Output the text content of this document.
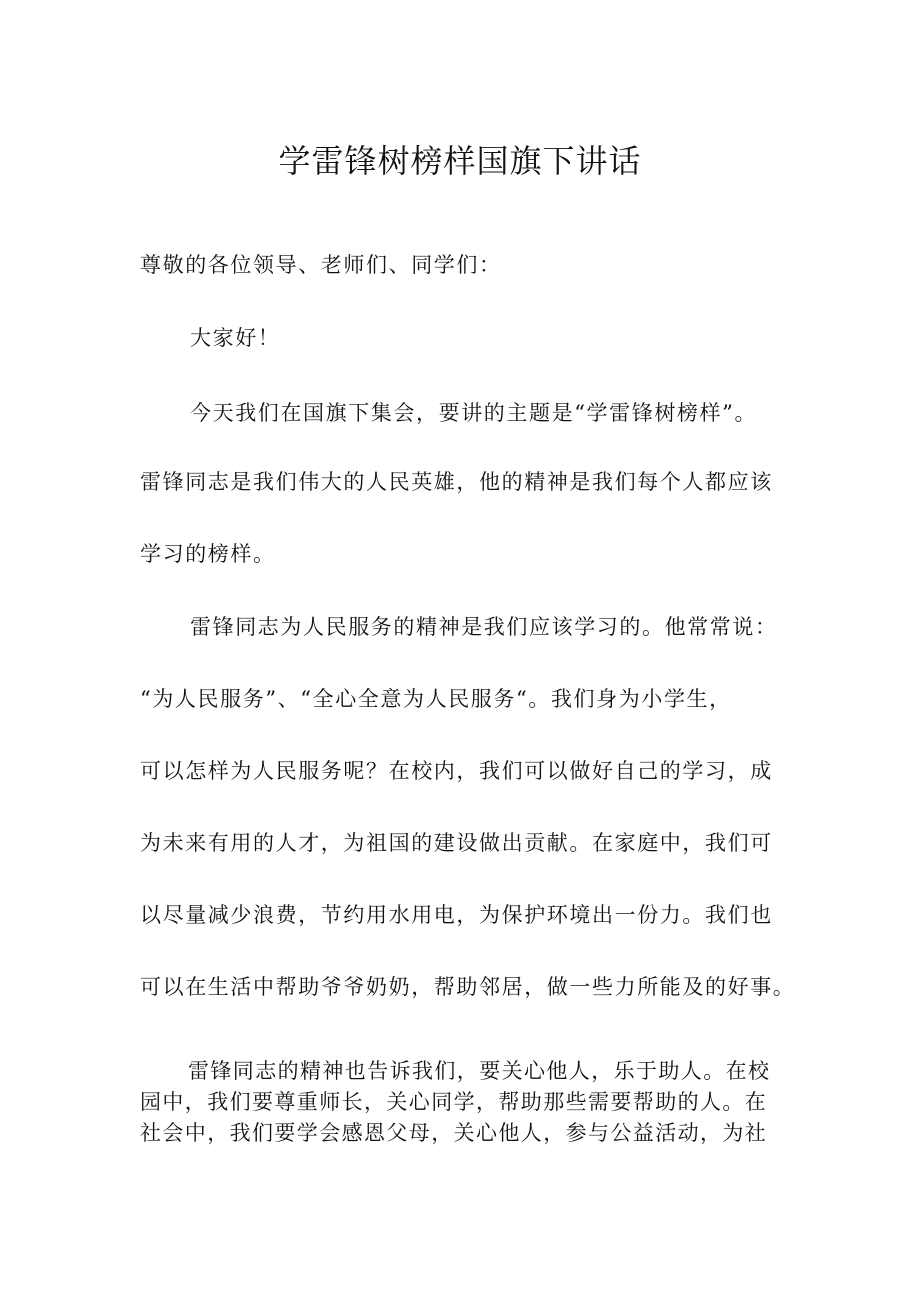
学雷锋树榜样国旗下讲话

尊敬的各位领导、老师们、同学们：

大家好！

今天我们在国旗下集会，要讲的主题是“学雷锋树榜样”。

雷锋同志是我们伟大的人民英雄，他的精神是我们每个人都应该

学习的榜样。

雷锋同志为人民服务的精神是我们应该学习的。他常常说：

“为人民服务”、“全心全意为人民服务“。我们身为小学生，

可以怎样为人民服务呢？在校内，我们可以做好自己的学习，成

为未来有用的人才，为祖国的建设做出贡献。在家庭中，我们可

以尽量减少浪费，节约用水用电，为保护环境出一份力。我们也

可以在生活中帮助爷爷奶奶，帮助邻居，做一些力所能及的好事。

雷锋同志的精神也告诉我们，要关心他人，乐于助人。在校
园中，我们要尊重师长，关心同学，帮助那些需要帮助的人。在
社会中，我们要学会感恩父母，关心他人，参与公益活动，为社
